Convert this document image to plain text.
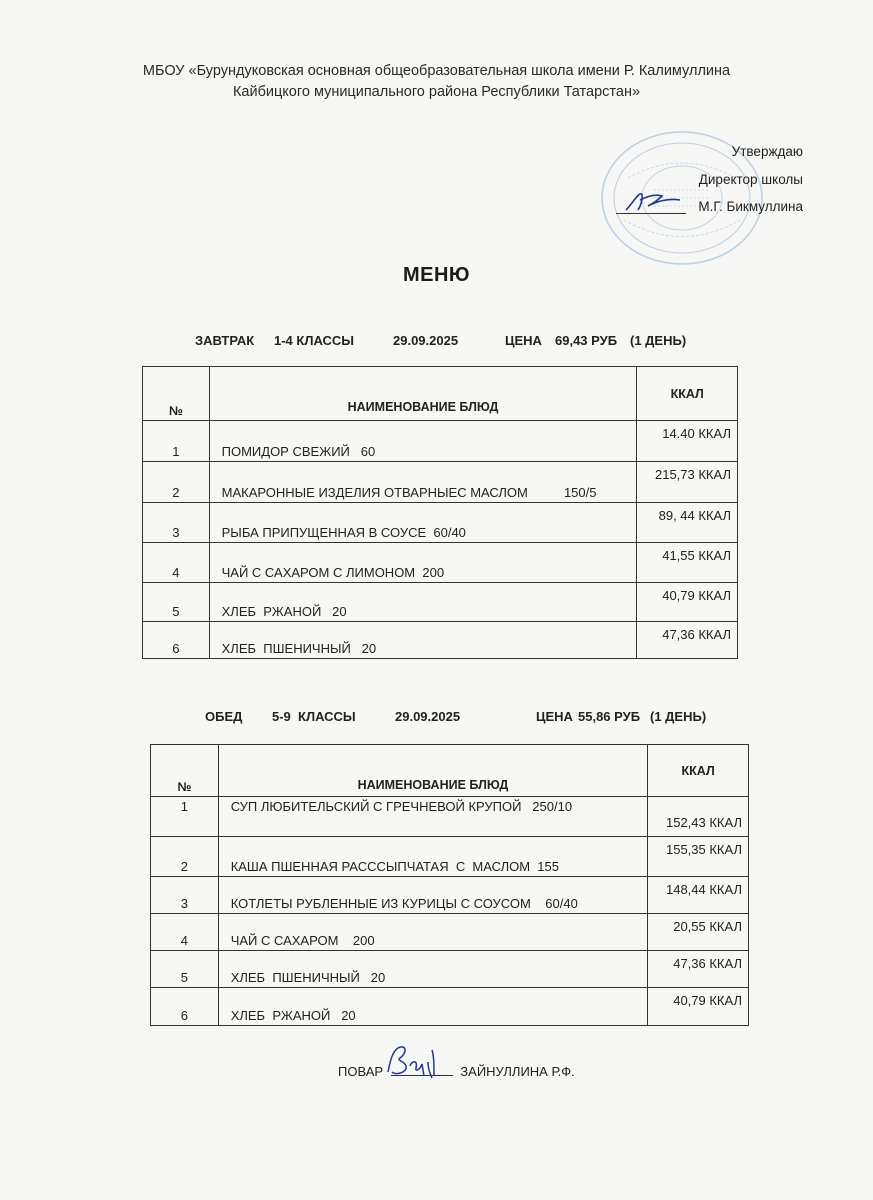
МБОУ «Бурундуковская основная общеобразовательная школа имени Р. Калимуллина
Кайбицкого муниципального района Республики Татарстан»
Утверждаю
Директор школы
М.Г. Бикмуллина
МЕНЮ

ЗАВТРАК

1-4 КЛАССЫ

	29.09.2025

	ЦЕНА

69,43 РУБ

(1 ДЕНЬ)

№	НАИМЕНОВАНИЕ БЛЮД	ККАЛ
1	ПОМИДОР СВЕЖИЙ   60	14.40 ККАЛ
2	МАКАРОННЫЕ ИЗДЕЛИЯ ОТВАРНЫЕС МАСЛОМ          150/5	215,73 ККАЛ
3	РЫБА ПРИПУЩЕННАЯ В СОУСЕ  60/40	89, 44 ККАЛ
4	ЧАЙ С САХАРОМ С ЛИМОНОМ  200	41,55 ККАЛ
5	ХЛЕБ  РЖАНОЙ   20	40,79 ККАЛ
6	ХЛЕБ  ПШЕНИЧНЫЙ   20	47,36 ККАЛ

ОБЕД

5-9  КЛАССЫ

	29.09.2025

	ЦЕНА

55,86 РУБ

(1 ДЕНЬ)

№	НАИМЕНОВАНИЕ БЛЮД	ККАЛ
1	СУП ЛЮБИТЕЛЬСКИЙ С ГРЕЧНЕВОЙ КРУПОЙ   250/10	152,43 ККАЛ
2	КАША ПШЕННАЯ РАСССЫПЧАТАЯ  С  МАСЛОМ  155	155,35 ККАЛ
3	КОТЛЕТЫ РУБЛЕННЫЕ ИЗ КУРИЦЫ С СОУСОМ    60/40	148,44 ККАЛ
4	ЧАЙ С САХАРОМ    200	20,55 ККАЛ
5	ХЛЕБ  ПШЕНИЧНЫЙ   20	47,36 ККАЛ
6	ХЛЕБ  РЖАНОЙ   20	40,79 ККАЛ
ПОВАР	ЗАЙНУЛЛИНА Р.Ф.
